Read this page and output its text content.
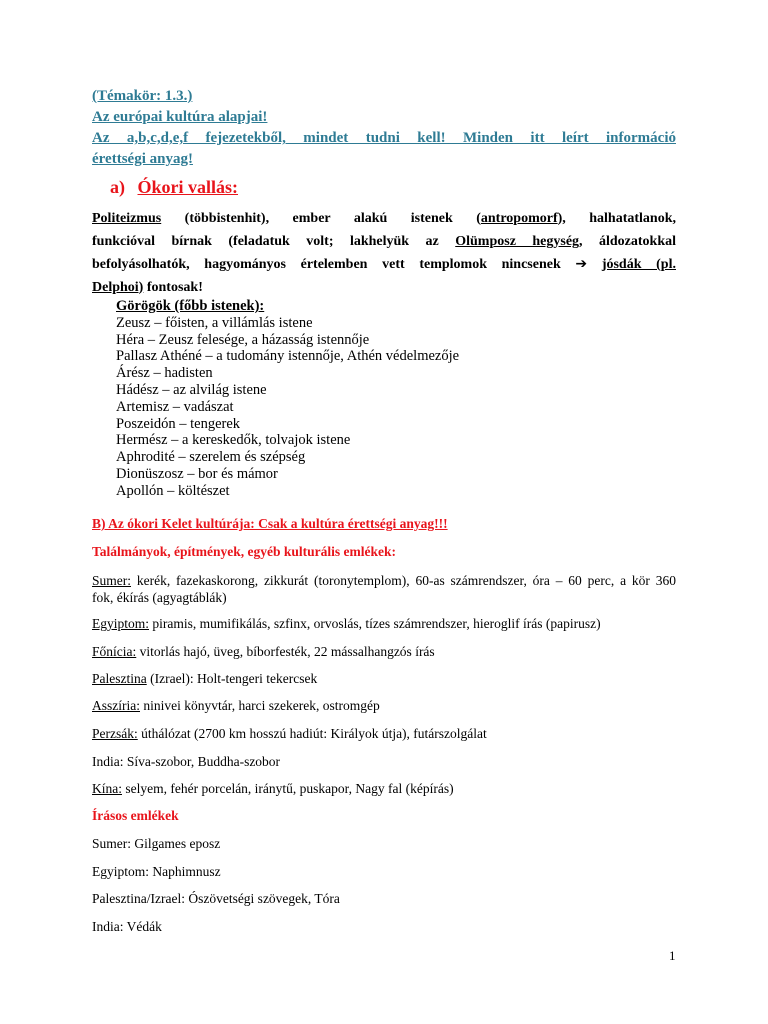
(Témakör: 1.3.)

Az európai kultúra alapjai!

Az a,b,c,d,e,f fejezetekből, mindet tudni kell! Minden itt leírt információ

érettségi anyag!

a) Ókori vallás:

Politeizmus (többistenhit), ember alakú istenek (antropomorf), halhatatlanok,

funkcióval bírnak (feladatuk volt; lakhelyük az Olümposz hegység, áldozatokkal

befolyásolhatók, hagyományos értelemben vett templomok nincsenek ➔ jósdák (pl.

Delphoi) fontosak!

Görögök (főbb istenek):
Zeusz – főisten, a villámlás istene
Héra – Zeusz felesége, a házasság istennője
Pallasz Athéné – a tudomány istennője, Athén védelmezője
Árész – hadisten
Hádész – az alvilág istene
Artemisz – vadászat
Poszeidón – tengerek
Hermész – a kereskedők, tolvajok istene
Aphrodité – szerelem és szépség
Dionüszosz – bor és mámor
Apollón – költészet
B) Az ókori Kelet kultúrája: Csak a kultúra érettségi anyag!!!
Találmányok, építmények, egyéb kulturális emlékek:
Sumer: kerék, fazekaskorong, zikkurát (toronytemplom), 60-as számrendszer, óra – 60 perc, a kör 360
fok, ékírás (agyagtáblák)
Egyiptom: piramis, mumifikálás, szfinx, orvoslás, tízes számrendszer, hieroglif írás (papirusz)
Főnícia: vitorlás hajó, üveg, bíborfesték, 22 mássalhangzós írás
Palesztina (Izrael): Holt-tengeri tekercsek
Asszíria: ninivei könyvtár, harci szekerek, ostromgép
Perzsák: úthálózat (2700 km hosszú hadiút: Királyok útja), futárszolgálat
India: Síva-szobor, Buddha-szobor
Kína: selyem, fehér porcelán, iránytű, puskapor, Nagy fal (képírás)
Írásos emlékek
Sumer: Gilgames eposz
Egyiptom: Naphimnusz
Palesztina/Izrael: Ószövetségi szövegek, Tóra
India: Védák
1
